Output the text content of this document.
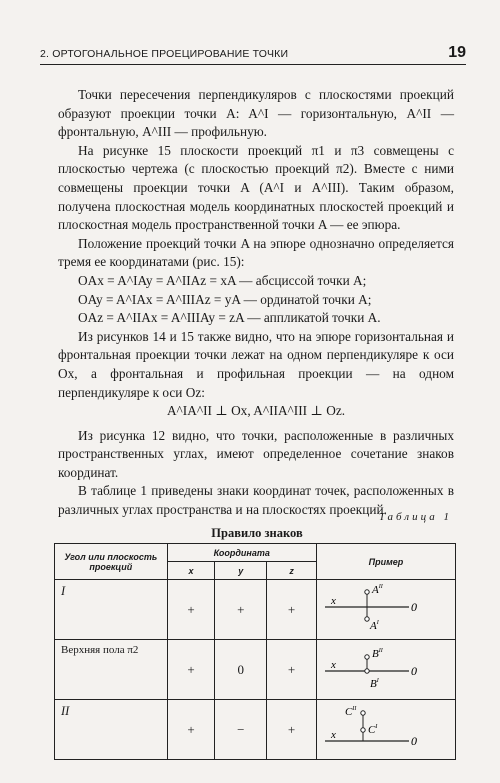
2. ОРТОГОНАЛЬНОЕ ПРОЕЦИРОВАНИЕ ТОЧКИ	19

Точки пересечения перпендикуляров с плоскостями проекций образуют проекции точки A: A^I — горизонтальную, A^II — фронтальную, A^III — профильную.

На рисунке 15 плоскости проекций π1 и π3 совмещены с плоскостью чертежа (с плоскостью проекций π2). Вместе с ними совмещены проекции точки A (A^I и A^III). Таким образом, получена плоскостная модель координатных плоскостей проекций и плоскостная модель пространственной точки A — ее эпюра.

Положение проекций точки A на эпюре однозначно определяется тремя ее координатами (рис. 15):

OAx = A^IAy = A^IIAz = xA — абсциссой точки A;

OAy = A^IAx = A^IIIAz = yA — ординатой точки A;

OAz = A^IIAx = A^IIIAy = zA — аппликатой точки A.

Из рисунков 14 и 15 также видно, что на эпюре горизонтальная и фронтальная проекции точки лежат на одном перпендикуляре к оси Ox, а фронтальная и профильная проекции — на одном перпендикуляре к оси Oz:

A^IA^II ⊥ Ox, A^IIA^III ⊥ Oz.

Из рисунка 12 видно, что точки, расположенные в различных пространственных углах, имеют определенное сочетание знаков координат.

В таблице 1 приведены знаки координат точек, расположенных в различных углах пространства и на плоскостях проекций.

Таблица 1
Правило знаков
Угол или плоскость проекций	Координата			Пример
	x	y	z	
I	+	+	+	x 0
$A^{II}$
$A^I$

Верхняя пола π2	+	0	+	x 0
$B^{II}$
$B^I$

II	+	−	+	x 0
$C^{II}$
$C^I$
